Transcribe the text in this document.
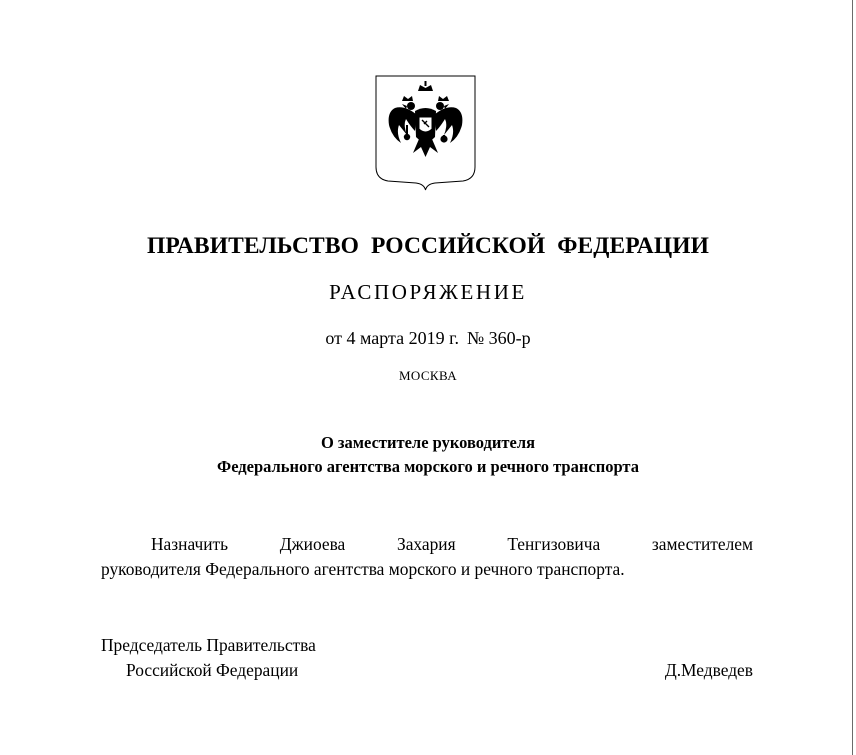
ПРАВИТЕЛЬСТВО РОССИЙСКОЙ ФЕДЕРАЦИИ
РАСПОРЯЖЕНИЕ
от 4 марта 2019 г. № 360-р
МОСКВА
О заместителе руководителя
Федерального агентства морского и речного транспорта
Назначить	Джиоева	Захария	Тенгизовича	заместителем
руководителя Федерального агентства морского и речного транспорта.
Председатель Правительства
Российской Федерации	Д.Медведев
